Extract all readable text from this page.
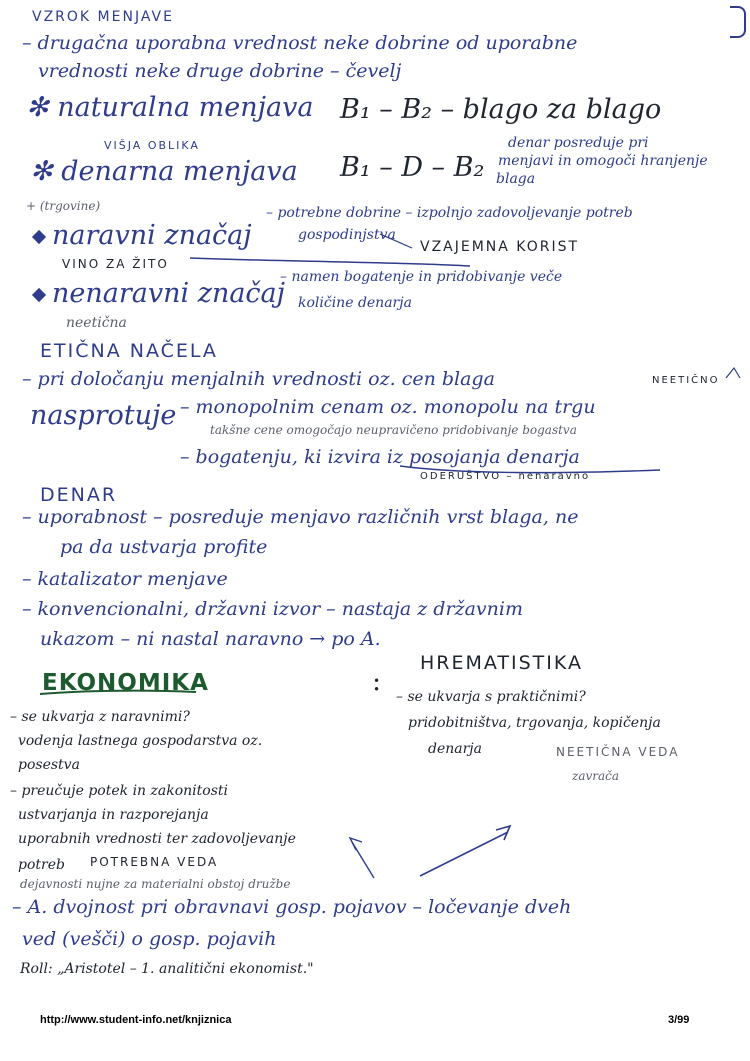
VZROK MENJAVE
– drugačna uporabna vrednost neke dobrine od uporabne
vrednosti neke druge dobrine – čevelj
✻ naturalna menjava B₁ – B₂ – blago za blago
VIŠJA OBLIKA
✻ denarna menjava B₁ – D – B₂
denar posreduje pri
menjavi in omogoči hranjenje
blaga
+ (trgovine)
naravni značaj
– potrebne dobrine – izpolnjo zadovoljevanje potreb
gospodinjstva
VINO ZA ŽITO
VZAJEMNA KORIST
nenaravni značaj
– namen bogatenje in pridobivanje veče
količine denarja
neetična
ETIČNA NAČELA
– pri določanju menjalnih vrednosti oz. cen blaga
nasprotuje
NEETIČNO
– monopolnim cenam oz. monopolu na trgu
takšne cene omogočajo neupravičeno pridobivanje bogastva
– bogatenju, ki izvira iz posojanja denarja
ODERUŠTVO – nenaravno
DENAR
– uporabnost – posreduje menjavo različnih vrst blaga, ne
pa da ustvarja profite
– katalizator menjave
– konvencionalni, državni izvor – nastaja z državnim
ukazom – ni nastal naravno → po A.
EKONOMIKA	:
– se ukvarja z naravnimi?
vodenja lastnega gospodarstva oz.
posestva
– preučuje potek in zakonitosti
ustvarjanja in razporejanja
uporabnih vrednosti ter zadovoljevanje
potreb POTREBNA VEDA
dejavnosti nujne za materialni obstoj družbe
HREMATISTIKA
– se ukvarja s praktičnimi?
pridobitništva, trgovanja, kopičenja
denarja	NEETIČNA VEDA
zavrača
– A. dvojnost pri obravnavi gosp. pojavov – ločevanje dveh
ved (vešči) o gosp. pojavih
Roll: „Aristotel – 1. analitični ekonomist."
http://www.student-info.net/knjiznica	3/99
